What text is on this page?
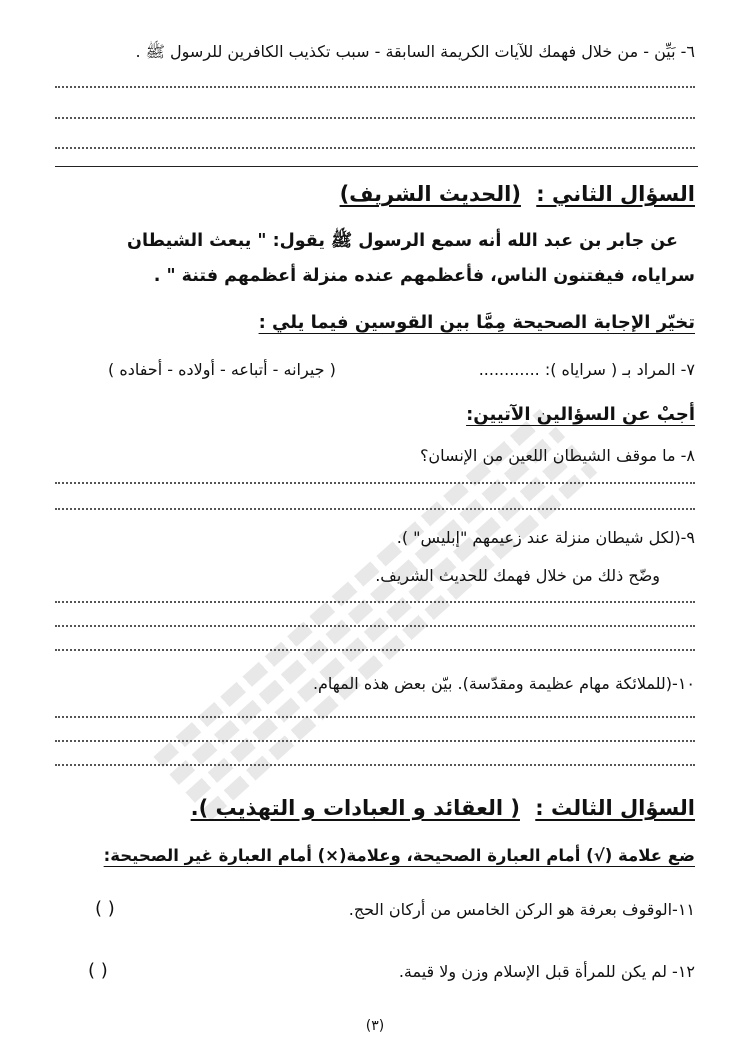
٦- بَيِّن - من خلال فهمك للآيات الكريمة السابقة - سبب تكذيب الكافرين للرسول ﷺ .
السؤال الثاني : (الحديث الشريف)
عن جابر بن عبد الله أنه سمع الرسول ﷺ يقول: " يبعث الشيطان
سراياه، فيفتنون الناس، فأعظمهم عنده منزلة أعظمهم فتنة " .
تخيّر الإجابة الصحيحة مِمَّا بين القوسين فيما يلي :
٧- المراد بـ ( سراياه ): ............
( جيرانه - أتباعه - أولاده - أحفاده )
أجبْ عن السؤالين الآتيين:
٨- ما موقف الشيطان اللعين من الإنسان؟
٩-(لكل شيطان منزلة عند زعيمهم "إبليس" ).
وضّح ذلك من خلال فهمك للحديث الشريف.
١٠-(للملائكة مهام عظيمة ومقدّسة). بيّن بعض هذه المهام.
السؤال الثالث : ( العقائد و العبادات و التهذيب ).
ضع علامة (√) أمام العبارة الصحيحة، وعلامة(×) أمام العبارة غير الصحيحة:
١١-الوقوف بعرفة هو الركن الخامس من أركان الحج.
( )
١٢- لم يكن للمرأة قبل الإسلام وزن ولا قيمة.
( )
(٣)
